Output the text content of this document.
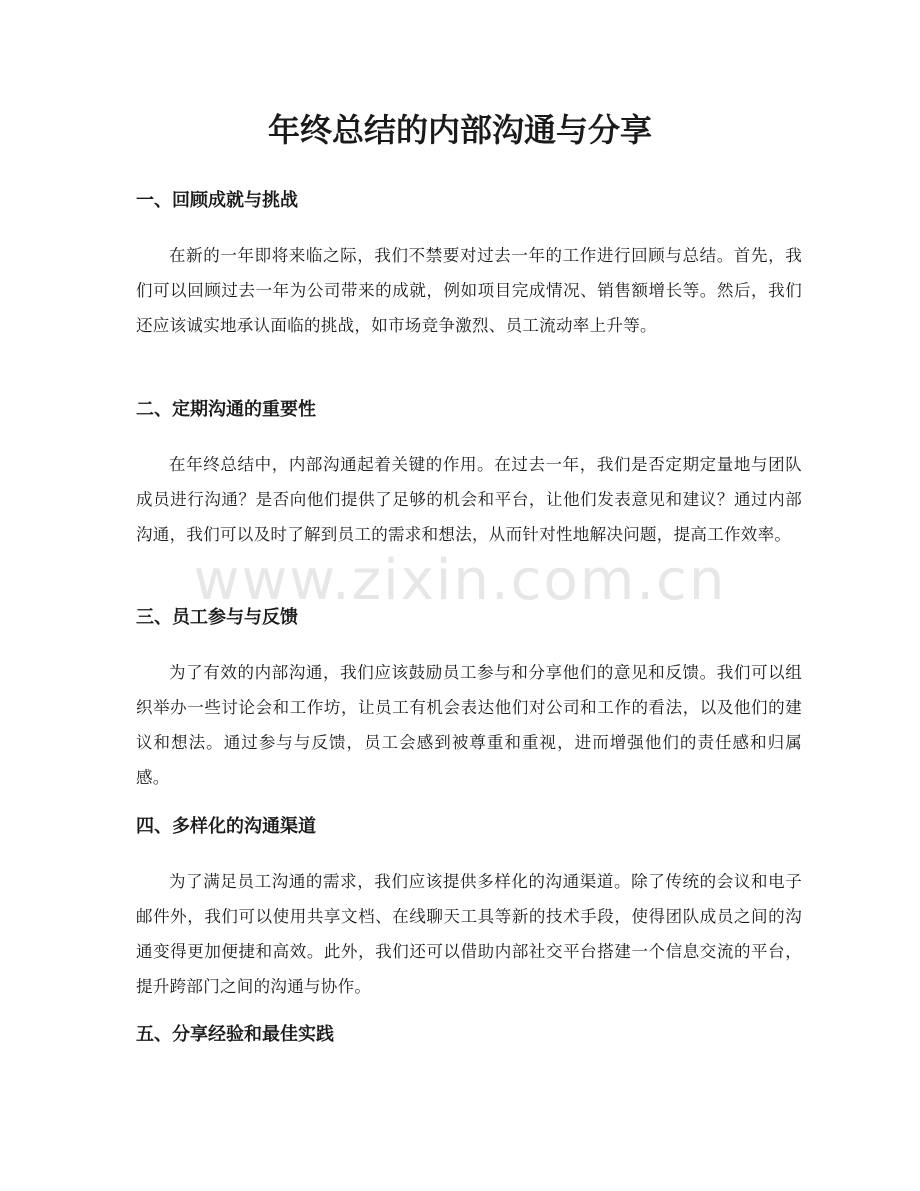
年终总结的内部沟通与分享
一、回顾成就与挑战

在新的一年即将来临之际，我们不禁要对过去一年的工作进行回顾与总结。首先，我们可以回顾过去一年为公司带来的成就，例如项目完成情况、销售额增长等。然后，我们还应该诚实地承认面临的挑战，如市场竞争激烈、员工流动率上升等。

二、定期沟通的重要性

在年终总结中，内部沟通起着关键的作用。在过去一年，我们是否定期定量地与团队成员进行沟通？是否向他们提供了足够的机会和平台，让他们发表意见和建议？通过内部沟通，我们可以及时了解到员工的需求和想法，从而针对性地解决问题，提高工作效率。

三、员工参与与反馈

为了有效的内部沟通，我们应该鼓励员工参与和分享他们的意见和反馈。我们可以组织举办一些讨论会和工作坊，让员工有机会表达他们对公司和工作的看法，以及他们的建议和想法。通过参与与反馈，员工会感到被尊重和重视，进而增强他们的责任感和归属感。

四、多样化的沟通渠道

为了满足员工沟通的需求，我们应该提供多样化的沟通渠道。除了传统的会议和电子邮件外，我们可以使用共享文档、在线聊天工具等新的技术手段，使得团队成员之间的沟通变得更加便捷和高效。此外，我们还可以借助内部社交平台搭建一个信息交流的平台，提升跨部门之间的沟通与协作。

五、分享经验和最佳实践
www.zixin.com.cn
